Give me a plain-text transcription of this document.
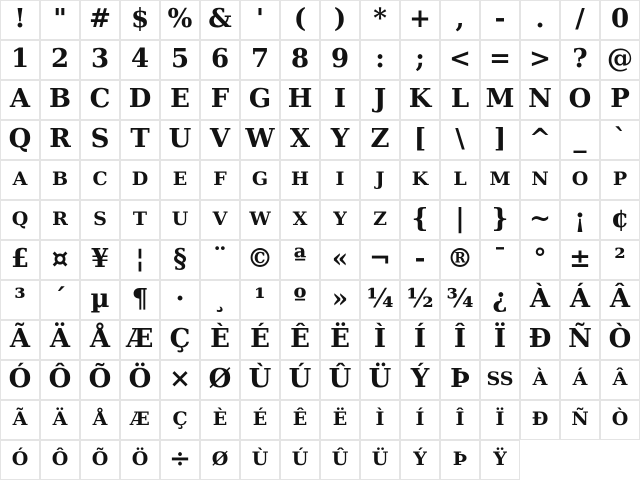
!	" # $ % & '	(	)	* + ,	-	.	/	0
1 2 3 4 5 6 7 8 9	:	; < = > ? @
A B C D E F G H I	J K L M N O P
Q R S T U V W X Y Z [	\	] ^ _	`
A	B	C	D	E	F	G	H	I	J	K	L	M	N	O	P
Q	R	S	T	U	V	W	X	Y	Z {	|	} ~ ¡ ¢
£ ¤ ¥	¦	§	¨ © ª « ¬ - ® ¯	° ± ²
³	´ µ ¶	·	¸	¹	º » ¼ ½ ¾ ¿ À Á Â
Ã Ä Å Æ Ç È É Ê Ë Ì	Í	Î	Ï Ð Ñ Ò
Ó Ô Õ Ö × Ø Ù Ú Û Ü Ý Þ SS	À	Á	Â
Ã	Ä	Å	Æ	Ç	È	É	Ê	Ë	Ì	Í	Î	Ï	Ð	Ñ	Ò
Ó	Ô	Õ	Ö ÷	Ø	Ù	Ú	Û	Ü	Ý	Þ	Ÿ
